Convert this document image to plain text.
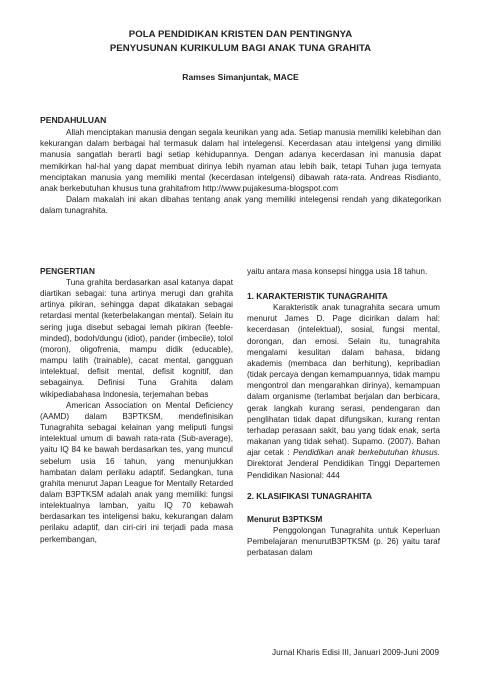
POLA PENDIDIKAN KRISTEN DAN PENTINGNYA
PENYUSUNAN KURIKULUM BAGI ANAK TUNA GRAHITA
Ramses Simanjuntak, MACE
PENDAHULUAN

Allah menciptakan manusia dengan segala keunikan yang ada. Setiap manusia memiliki kelebihan dan kekurangan dalam berbagai hal termasuk dalam hal intelegensi. Kecerdasan atau intelgensi yang dimiliki manusia sangatlah berarti bagi setiap kehidupannya. Dengan adanya kecerdasan ini manusia dapat memikirkan hal-hal yang dapat membuat dirinya lebih nyaman atau lebih baik, tetapi Tuhan juga ternyata menciptakan manusia yang memiliki mental (kecerdasan intelgensi) dibawah rata-rata. Andreas Risdianto, anak berkebutuhan khusus tuna grahitafrom http://www.pujakesuma-blogspot.com

Dalam makalah ini akan dibahas tentang anak yang memiliki intelegensi rendah yang dikategorikan dalam tunagrahita.

PENGERTIAN

Tuna grahita berdasarkan asal katanya dapat diartikan sebagai: tuna artinya merugi dan grahita artinya pikiran, sehingga dapat dikatakan sebagai retardasi mental (keterbelakangan mental). Selain itu sering juga disebut sebagai lemah pikiran (feeble-minded), bodoh/dungu (idiot), pander (imbecile), tolol (moron), oligofrenia, mampu didik (educable), mampu latih (trainable), cacat mental, gangguan intelektual, defisit mental, defisit kognitif, dan sebagainya. Definisi Tuna Grahita dalam wikipediabahasa Indonesia, terjemahan bebas

American Association on Mental Deficiency (AAMD) dalam B3PTKSM, mendefinisikan Tunagrahita sebagai kelainan yang meliputi fungsi intelektual umum di bawah rata-rata (Sub-average), yaitu IQ 84 ke bawah berdasarkan tes, yang muncul sebelum usia 16 tahun, yang menunjukkan hambatan dalam perilaku adaptif. Sedangkan, tuna grahita menurut Japan League for Mentally Retarded dalam B3PTKSM adalah anak yang memiliki: fungsi intelektualnya lamban, yaitu IQ 70 kebawah berdasarkan tes inteligensi baku, kekurangan dalam perilaku adaptif, dan ciri-ciri ini terjadi pada masa perkembangan,

yaitu antara masa konsepsi hingga usia 18 tahun.

1. KARAKTERISTIK TUNAGRAHITA

Karakteristik anak tunagrahita secara umum menurut James D. Page dicirikan dalam hal: kecerdasan (intelektual), sosial, fungsi mental, dorongan, dan emosi. Selain itu, tunagrahita mengalami kesulitan dalam bahasa, bidang akademis (membaca dan berhitung), kepribadian (tidak percaya dengan kemampuannya, tidak mampu mengontrol dan mengarahkan dirinya), kemampuan dalam organisme (terlambat berjalan dan berbicara, gerak langkah kurang serasi, pendengaran dan penglihatan tidak dapat difungsikan, kurang rentan terhadap perasaan sakit, bau yang tidak enak, serta makanan yang tidak sehat). Supamo. (2007). Bahan ajar cetak : Pendidikan anak berkebutuhan khusus. Direktorat Jenderal Pendidikan Tinggi Departemen Pendidikan Nasional: 444

2. KLASIFIKASI TUNAGRAHITA

Menurut B3PTKSM

Penggolongan Tunagrahita untuk Keperluan Pembelajaran menurutB3PTKSM (p. 26) yaitu taraf perbatasan dalam

Jurnal Kharis Edisi III, Januari 2009-Juni 2009
